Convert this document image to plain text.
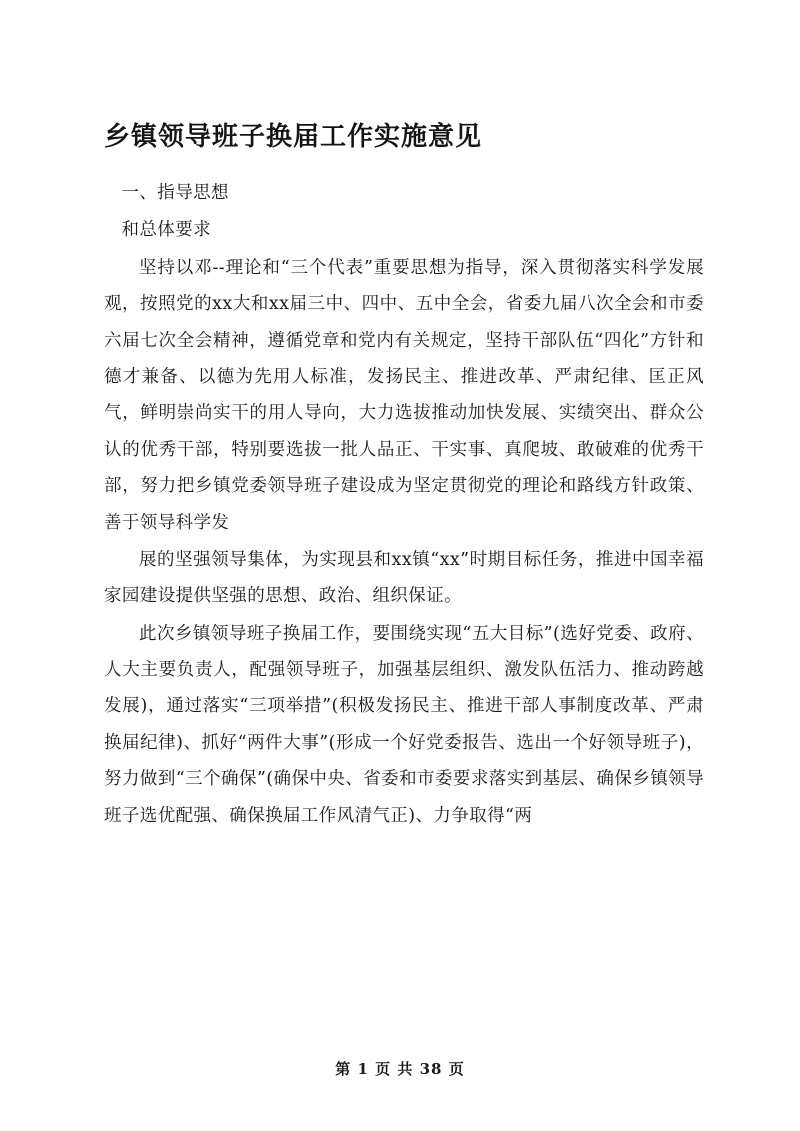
乡镇领导班子换届工作实施意见

一、指导思想

和总体要求

坚持以邓--理论和“三个代表”重要思想为指导，深入贯彻落实科学发展观，按照党的xx大和xx届三中、四中、五中全会，省委九届八次全会和市委六届七次全会精神，遵循党章和党内有关规定，坚持干部队伍“四化”方针和德才兼备、以德为先用人标准，发扬民主、推进改革、严肃纪律、匡正风气，鲜明崇尚实干的用人导向，大力选拔推动加快发展、实绩突出、群众公认的优秀干部，特别要选拔一批人品正、干实事、真爬坡、敢破难的优秀干部，努力把乡镇党委领导班子建设成为坚定贯彻党的理论和路线方针政策、善于领导科学发

展的坚强领导集体，为实现县和xx镇“xx”时期目标任务，推进中国幸福家园建设提供坚强的思想、政治、组织保证。

此次乡镇领导班子换届工作，要围绕实现“五大目标”(选好党委、政府、人大主要负责人，配强领导班子，加强基层组织、激发队伍活力、推动跨越发展)，通过落实“三项举措”(积极发扬民主、推进干部人事制度改革、严肃换届纪律)、抓好“两件大事”(形成一个好党委报告、选出一个好领导班子)，努力做到“三个确保”(确保中央、省委和市委要求落实到基层、确保乡镇领导班子选优配强、确保换届工作风清气正)、力争取得“两

第 1 页 共 38 页
